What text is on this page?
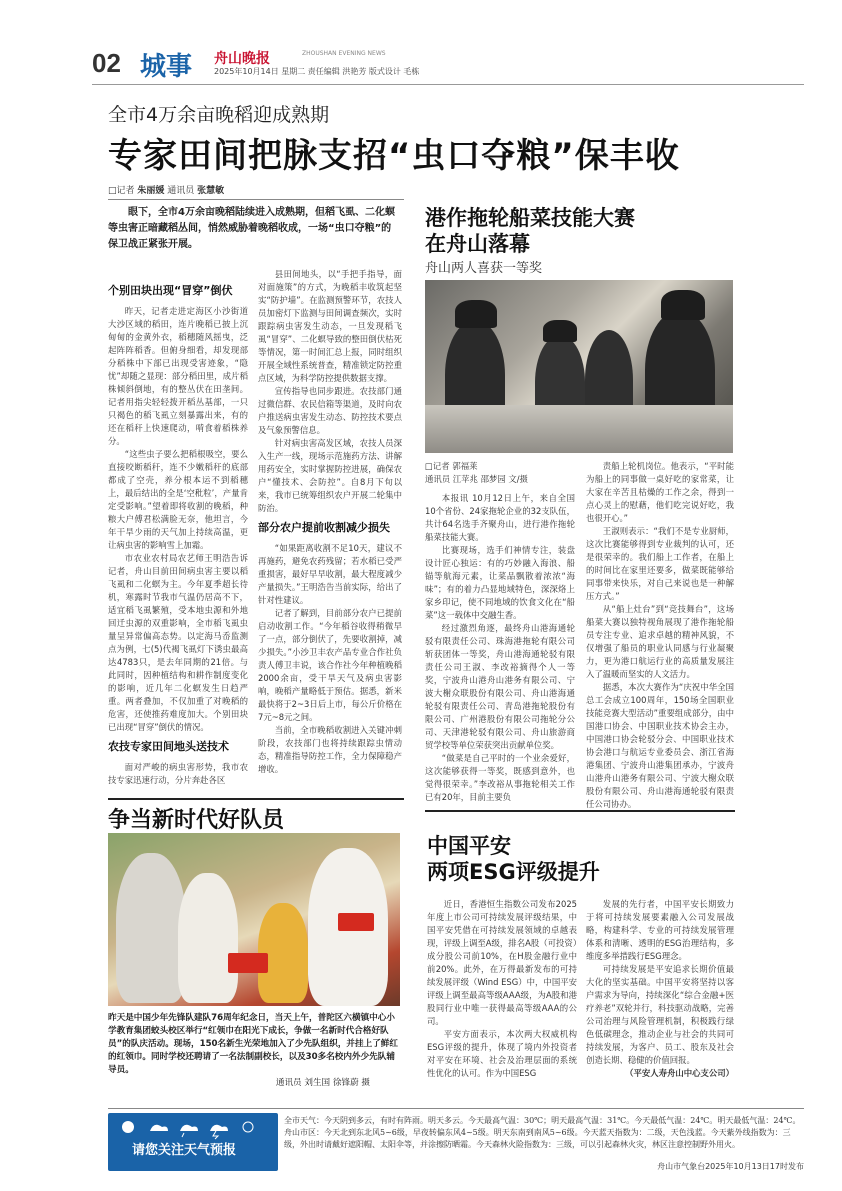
02 城事 舟山晚报	ZHOUSHAN EVENING NEWS
2025年10月14日 星期二 责任编辑 洪艳芳 版式设计 毛栋
全市4万余亩晚稻迎成熟期
专家田间把脉支招“虫口夺粮”保丰收
□记者 朱丽媛 通讯员 张慧敏
眼下，全市4万余亩晚稻陆续进入成熟期，但稻飞虱、二化螟等虫害正暗藏稻丛间，悄然威胁着晚稻收成，一场“虫口夺粮”的保卫战正紧张开展。
个别田块出现“冒穿”倒伏

昨天，记者走进定海区小沙街道大沙区域的稻田，连片晚稻已披上沉甸甸的金黄外衣，稻穗随风摇曳，泛起阵阵稻香。但俯身细看，却发现部分稻株中下部已出现受害迹象，“隐忧”却随之显现：部分稻田里，成片稻株倾斜倒地，有的整丛伏在田垄间。记者用指尖轻轻拨开稻丛基部，一只只褐色的稻飞虱立刻暴露出来，有的还在稻秆上快速爬动，啃食着稻株养分。

“这些虫子要么把稻根吸空，要么直接咬断稻秆，连不少嫩稻秆的底部都成了空壳，养分根本运不到稻穗上，最后结出的全是‘空秕粒’，产量肯定受影响。”望着即将收割的晚稻，种粮大户傅君松满脸无奈，他坦言，今年干旱少雨的天气加上持续高温，更让病虫害的影响雪上加霜。

市农业农村局农艺师王明浩告诉记者，舟山目前田间病虫害主要以稻飞虱和二化螟为主。今年夏季超长待机，寒露时节我市气温仍居高不下，适宜稻飞虱繁殖，受本地虫源和外地回迁虫源的双重影响，全市稻飞虱虫量呈异常偏高态势。以定海马岙监测点为例，七(5)代褐飞虱灯下诱虫最高达4783只，是去年同期的21倍。与此同时，因种植结构和耕作制度变化的影响，近几年二化螟发生日趋严重。两者叠加，不仅加重了对晚稻的危害，还使推药难度加大。个别田块已出现“冒穿”倒伏的情况。

农技专家田间地头送技术

面对严峻的病虫害形势，我市农技专家迅速行动，分片奔赴各区

县田间地头，以“手把手指导，面对面施策”的方式，为晚稻丰收筑起坚实“防护墙”。在监测预警环节，农技人员加密灯下监测与田间调查频次，实时跟踪病虫害发生动态，一旦发现稻飞虱“冒穿”、二化螟导致的整田倒伏枯死等情况，第一时间汇总上报，同时组织开展全域性系统普查，精准锁定防控重点区域，为科学防控提供数据支撑。

宣传指导也同步跟进。农技部门通过微信群、农民信箱等渠道，及时向农户推送病虫害发生动态、防控技术要点及气象预警信息。

针对病虫害高发区域，农技人员深入生产一线，现场示范施药方法、讲解用药安全，实时掌握防控进展，确保农户“懂技术、会防控”。自8月下旬以来，我市已统筹组织农户开展二轮集中防治。

部分农户提前收割减少损失

“如果距离收割不足10天，建议不再施药，避免农药残留；若水稻已受严重损害，最好早早收割，最大程度减少产量损失。”王明浩告当前实际，给出了针对性建议。

记者了解到，目前部分农户已提前启动收割工作。“今年稻谷收得稍微早了一点，部分倒伏了，先要收割掉，减少损失。”小沙卫丰农产品专业合作社负责人傅卫丰说，该合作社今年种植晚稻2000余亩，受干旱天气及病虫害影响，晚稻产量略低于预估。据悉，新米最快将于2~3日后上市，每公斤价格在7元~8元之间。

当前，全市晚稻收割进入关键冲刺阶段，农技部门也将持续跟踪虫情动态，精准指导防控工作，全力保障稳产增收。

港作拖轮船菜技能大赛
在舟山落幕
舟山两人喜获一等奖
□记者 郭福莱
通讯员 江苹兆 邵梦园 文/摄

本报讯 10月12日上午，来自全国10个省份、24家拖轮企业的32支队伍，共计64名选手齐聚舟山，进行港作拖轮船菜技能大赛。

比赛现场，选手们神情专注，装盘设计匠心独运：有的巧妙融入海浪、船锚等航海元素，让菜品飘散着浓浓“海味”；有的着力凸显地域特色，深深烙上家乡印记，使不同地域的饮食文化在“船菜”这一载体中交融生香。

经过激烈角逐，最终舟山港海通轮驳有限责任公司、珠海港拖轮有限公司斩获团体一等奖，舟山港海通轮驳有限责任公司王淑、李改裕摘得个人一等奖，宁波舟山港舟山港务有限公司、宁波大榭众联股份有限公司、舟山港海通轮驳有限责任公司、青岛港拖轮股份有限公司、广州港股份有限公司拖轮分公司、天津港轮驳有限公司、舟山旅游商贸学校等单位荣获突出贡献单位奖。

“做菜是自己平时的一个业余爱好，这次能够获得一等奖，既感到意外，也觉得很荣幸。”李改裕从事拖轮相关工作已有20年，目前主要负

责船上轮机岗位。他表示，“平时能为船上的同事做一桌好吃的家常菜，让大家在辛苦且枯燥的工作之余，得到一点心灵上的慰藉，他们吃完说好吃，我也很开心。”

王淑则表示：“我们不是专业厨师，这次比赛能够得到专业裁判的认可，还是很荣幸的。我们船上工作者，在船上的时间比在家里还要多，做菜既能够给同事带来快乐，对自己来说也是一种解压方式。”

从“船上灶台”到“竞技舞台”，这场船菜大赛以独特视角展现了港作拖轮船员专注专业、追求卓越的精神风貌，不仅增强了船员的职业认同感与行业凝聚力，更为港口航运行业的高质量发展注入了温暖而坚实的人文活力。

据悉，本次大赛作为“庆祝中华全国总工会成立100周年，150场全国职业技能竞赛大型活动”重要组成部分，由中国港口协会、中国职业技术协会主办，中国港口协会轮驳分会、中国职业技术协会港口与航运专业委员会、浙江省海港集团、宁波舟山港集团承办，宁波舟山港舟山港务有限公司、宁波大榭众联股份有限公司、舟山港海通轮驳有限责任公司协办。

争当新时代好队员
昨天是中国少年先锋队建队76周年纪念日，当天上午，普陀区六横镇中心小学教育集团蛟头校区举行“红领巾在阳光下成长，争做一名新时代合格好队员”的队庆活动。现场，150名新生光荣地加入了少先队组织，并挂上了鲜红的红领巾。同时学校还聘请了一名法制副校长，以及30多名校内外少先队辅导员。
通讯员 刘生国 徐锋蔚 摄
中国平安
两项ESG评级提升

近日，香港恒生指数公司发布2025年度上市公司可持续发展评级结果，中国平安凭借在可持续发展领域的卓越表现，评级上调至A级，排名A股（可投资）成分股公司前10%，在H股金融行业中前20%。此外，在万得最新发布的可持续发展评级（Wind ESG）中，中国平安评级上调至最高等级AAA级，为A股和港股同行业中唯一获得最高等级AAA的公司。

平安方面表示，本次两大权威机构ESG评级的提升，体现了境内外投资者对平安在环境、社会及治理层面的系统性优化的认可。作为中国ESG

发展的先行者，中国平安长期致力于将可持续发展要素融入公司发展战略，构建科学、专业的可持续发展管理体系和清晰、透明的ESG治理结构，多维度多举措践行ESG理念。

可持续发展是平安追求长期价值最大化的坚实基础。中国平安将坚持以客户需求为导向，持续深化“综合金融+医疗养老”双轮并行，科技驱动战略，完善公司治理与风险管理机制，积极践行绿色低碳理念，推动企业与社会的共同可持续发展，为客户、员工、股东及社会创造长期、稳健的价值回报。

（平安人寿舟山中心支公司）
请您关注天气预报
全市天气：今天阴到多云，有时有阵雨。明天多云。今天最高气温：30℃；明天最高气温：31℃。今天最低气温：24℃。明天最低气温：24℃。舟山市区：今天北到东北风5~6级，早夜转偏东风4~5级。明天东南到南风5~6级。今天蓝天指数为：二级，天色浅蓝。今天紫外线指数为：三级，外出时请戴好遮阳帽、太阳伞等，并涂擦防晒霜。今天森林火险指数为：三级，可以引起森林火灾，林区注意控制野外用火。
舟山市气象台2025年10月13日17时发布
